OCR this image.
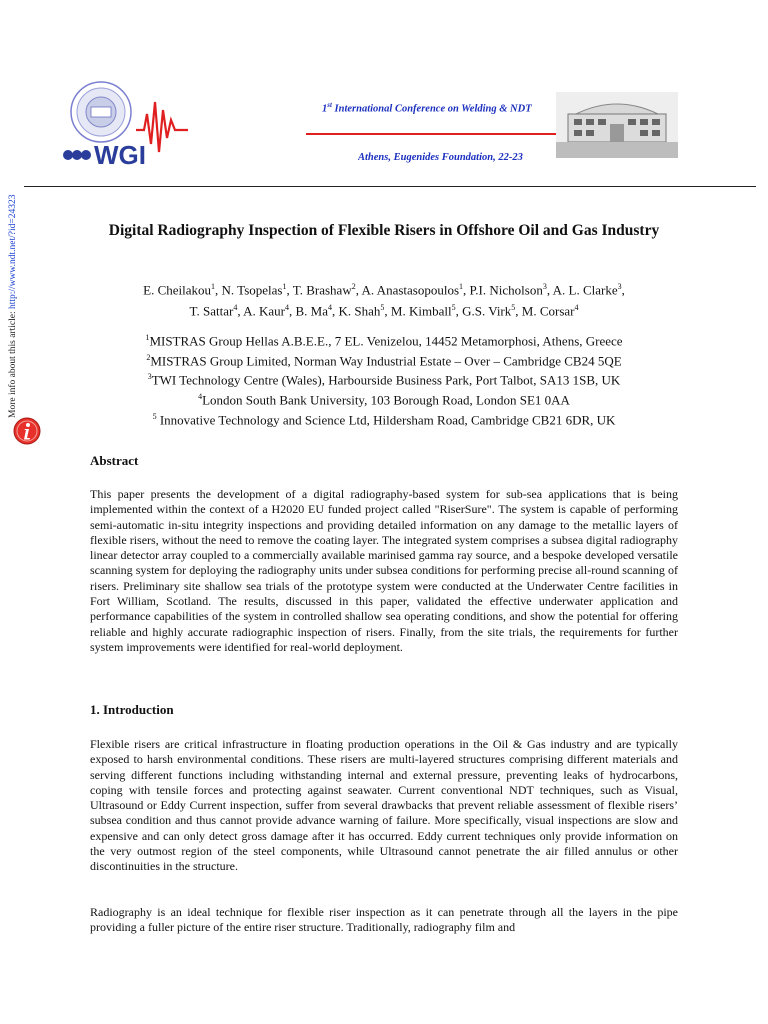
WGI
1st International Conference on Welding & NDT
Athens, Eugenides Foundation, 22-23
More info about this article: http://www.ndt.net/?id=24323	Digital Radiography Inspection of Flexible Risers in Offshore Oil and Gas Industry
E. Cheilakou$^1$, N. Tsopelas$^1$, T. Brashaw$^2$, A. Anastasopoulos$^1$, P.I. Nicholson$^3$, A. L. Clarke$^3$,
T. Sattar$^4$, A. Kaur$^4$, B. Ma$^4$, K. Shah$^5$, M. Kimball$^5$, G.S. Virk$^5$, M. Corsar$^4$
$^1$MISTRAS Group Hellas A.B.E.E., 7 EL. Venizelou, 14452 Metamorphosi, Athens, Greece
$^2$MISTRAS Group Limited, Norman Way Industrial Estate – Over – Cambridge CB24 5QE
$^3$TWI Technology Centre (Wales), Harbourside Business Park, Port Talbot, SA13 1SB, UK
$^4$London South Bank University, 103 Borough Road, London SE1 0AA
$^5$ Innovative Technology and Science Ltd, Hildersham Road, Cambridge CB21 6DR, UK
Abstract

This paper presents the development of a digital radiography-based system for sub-sea applications that is being implemented within the context of a H2020 EU funded project called "RiserSure". The system is capable of performing semi-automatic in-situ integrity inspections and providing detailed information on any damage to the metallic layers of flexible risers, without the need to remove the coating layer. The integrated system comprises a subsea digital radiography linear detector array coupled to a commercially available marinised gamma ray source, and a bespoke developed versatile scanning system for deploying the radiography units under subsea conditions for performing precise all-round scanning of risers. Preliminary site shallow sea trials of the prototype system were conducted at the Underwater Centre facilities in Fort William, Scotland. The results, discussed in this paper, validated the effective underwater application and performance capabilities of the system in controlled shallow sea operating conditions, and show the potential for offering reliable and highly accurate radiographic inspection of risers. Finally, from the site trials, the requirements for further system improvements were identified for real-world deployment.

1. Introduction

Flexible risers are critical infrastructure in floating production operations in the Oil & Gas industry and are typically exposed to harsh environmental conditions. These risers are multi-layered structures comprising different materials and serving different functions including withstanding internal and external pressure, preventing leaks of hydrocarbons, coping with tensile forces and protecting against seawater. Current conventional NDT techniques, such as Visual, Ultrasound or Eddy Current inspection, suffer from several drawbacks that prevent reliable assessment of flexible risers’ subsea condition and thus cannot provide advance warning of failure. More specifically, visual inspections are slow and expensive and can only detect gross damage after it has occurred. Eddy current techniques only provide information on the very outmost region of the steel components, while Ultrasound cannot penetrate the air filled annulus or other discontinuities in the structure.

Radiography is an ideal technique for flexible riser inspection as it can penetrate through all the layers in the pipe providing a fuller picture of the entire riser structure. Traditionally, radiography film and
